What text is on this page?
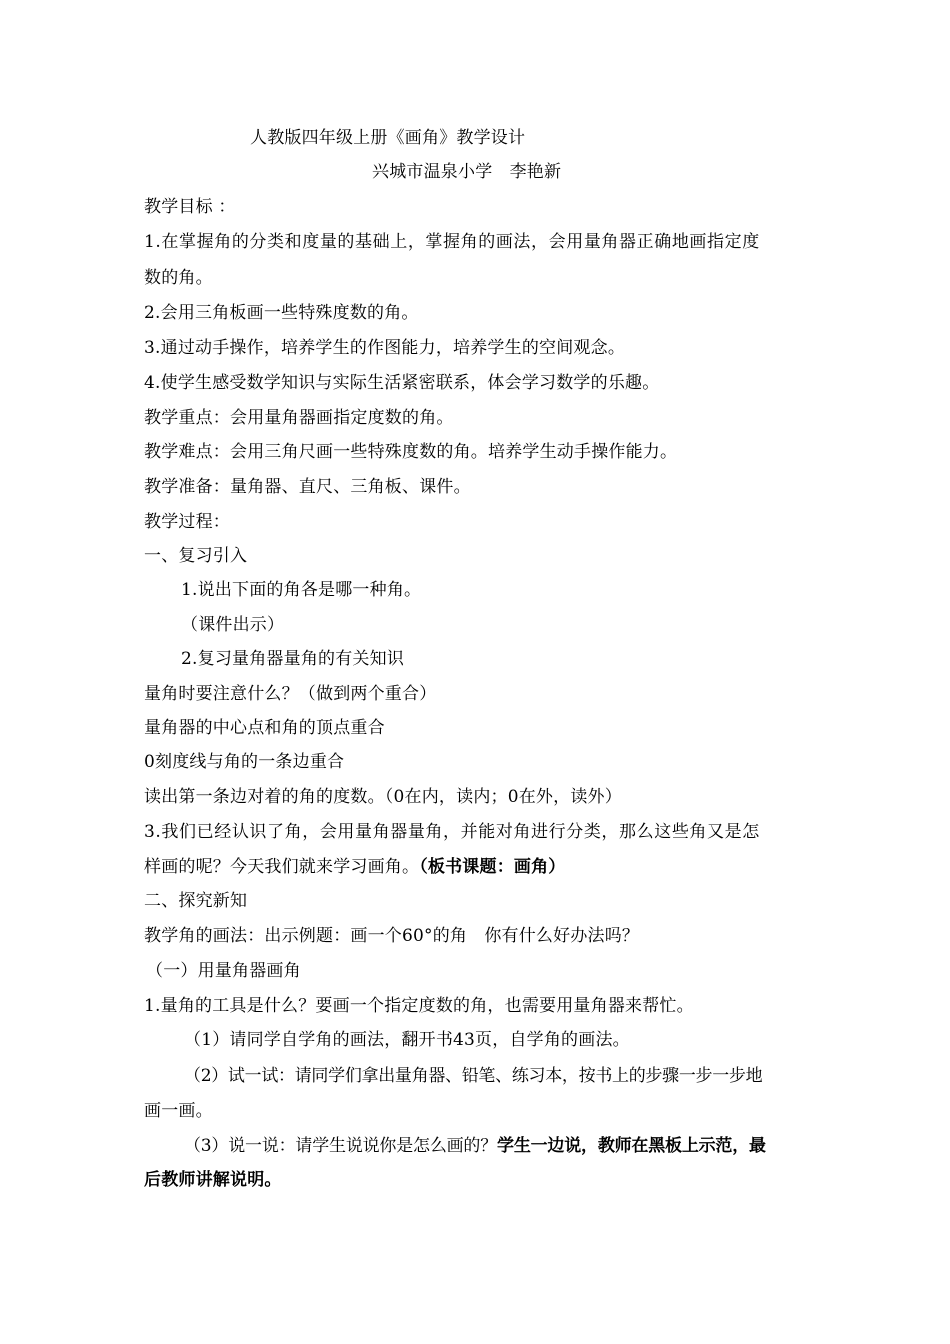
人教版四年级上册《画角》教学设计
兴城市温泉小学　李艳新
教学目标 ：
1.在掌握角的分类和度量的基础上，掌握角的画法，会用量角器正确地画指定度
数的角。
2.会用三角板画一些特殊度数的角。
3.通过动手操作，培养学生的作图能力，培养学生的空间观念。
4.使学生感受数学知识与实际生活紧密联系，体会学习数学的乐趣。
教学重点：会用量角器画指定度数的角。
教学难点：会用三角尺画一些特殊度数的角。培养学生动手操作能力。
教学准备：量角器、直尺、三角板、课件。
教学过程：
一、复习引入
1.说出下面的角各是哪一种角。
（课件出示）
2.复习量角器量角的有关知识
量角时要注意什么？（做到两个重合）
量角器的中心点和角的顶点重合
0刻度线与角的一条边重合
读出第一条边对着的角的度数。（0在内，读内；0在外，读外）
3.我们已经认识了角，会用量角器量角，并能对角进行分类，那么这些角又是怎
样画的呢？今天我们就来学习画角。（板书课题：画角）
二、探究新知
教学角的画法：出示例题：画一个60°的角　你有什么好办法吗？
（一）用量角器画角
1.量角的工具是什么？要画一个指定度数的角，也需要用量角器来帮忙。
（1）请同学自学角的画法，翻开书43页，自学角的画法。
（2）试一试：请同学们拿出量角器、铅笔、练习本，按书上的步骤一步一步地
画一画。
（3）说一说：请学生说说你是怎么画的？学生一边说，教师在黑板上示范，最
后教师讲解说明。
